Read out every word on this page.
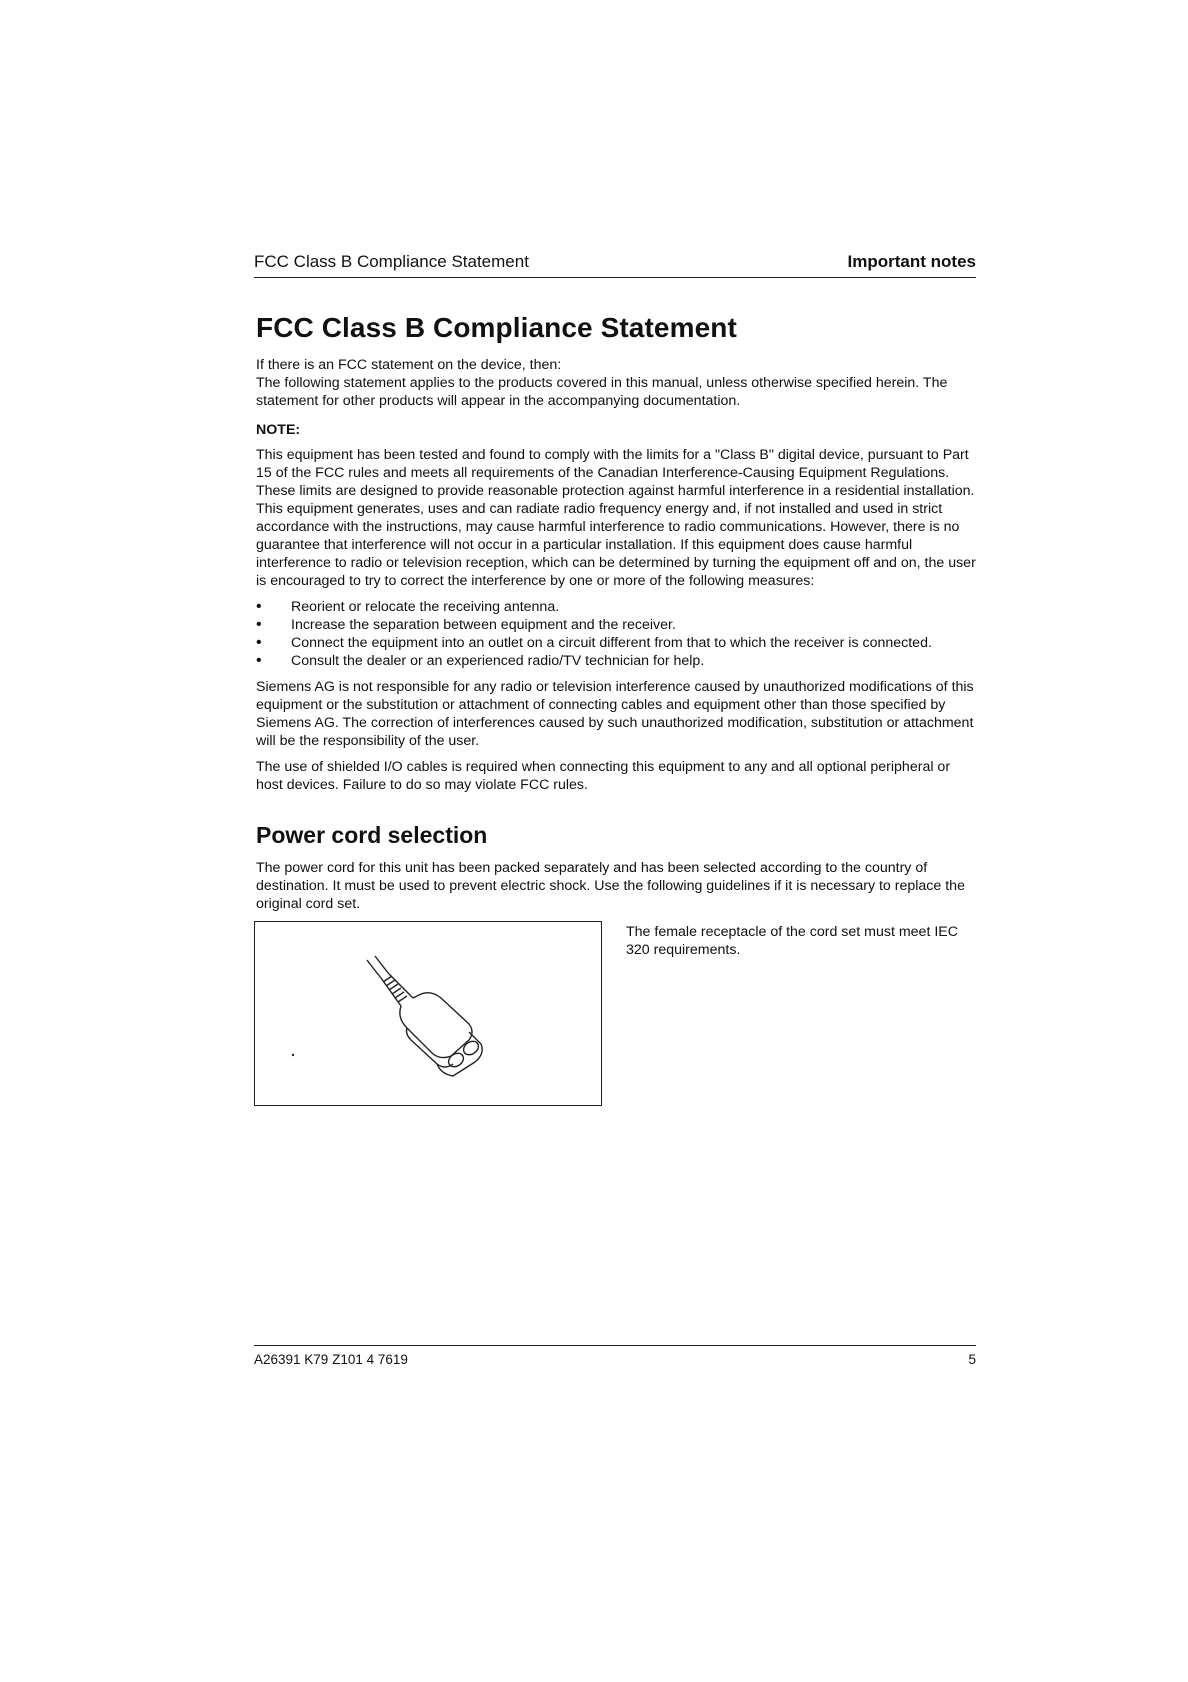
FCC Class B Compliance Statement	Important notes
FCC Class B Compliance Statement

If there is an FCC statement on the device, then:

The following statement applies to the products covered in this manual, unless otherwise specified herein. The statement for other products will appear in the accompanying documentation.

NOTE:

This equipment has been tested and found to comply with the limits for a "Class B" digital device, pursuant to Part 15 of the FCC rules and meets all requirements of the Canadian Interference-Causing Equipment Regulations. These limits are designed to provide reasonable protection against harmful interference in a residential installation. This equipment generates, uses and can radiate radio frequency energy and, if not installed and used in strict accordance with the instructions, may cause harmful interference to radio communications. However, there is no guarantee that interference will not occur in a particular installation. If this equipment does cause harmful interference to radio or television reception, which can be determined by turning the equipment off and on, the user is encouraged to try to correct the interference by one or more of the following measures:

• Reorient or relocate the receiving antenna.
• Increase the separation between equipment and the receiver.
• Connect the equipment into an outlet on a circuit different from that to which the receiver is connected.
• Consult the dealer or an experienced radio/TV technician for help.

Siemens AG is not responsible for any radio or television interference caused by unauthorized modifications of this equipment or the substitution or attachment of connecting cables and equipment other than those specified by Siemens AG. The correction of interferences caused by such unauthorized modification, substitution or attachment will be the responsibility of the user.

The use of shielded I/O cables is required when connecting this equipment to any and all optional peripheral or host devices. Failure to do so may violate FCC rules.

Power cord selection

The power cord for this unit has been packed separately and has been selected according to the country of destination. It must be used to prevent electric shock. Use the following guidelines if it is necessary to replace the original cord set.

The female receptacle of the cord set must meet IEC 320 requirements.
A26391 K79 Z101 4 7619	5
